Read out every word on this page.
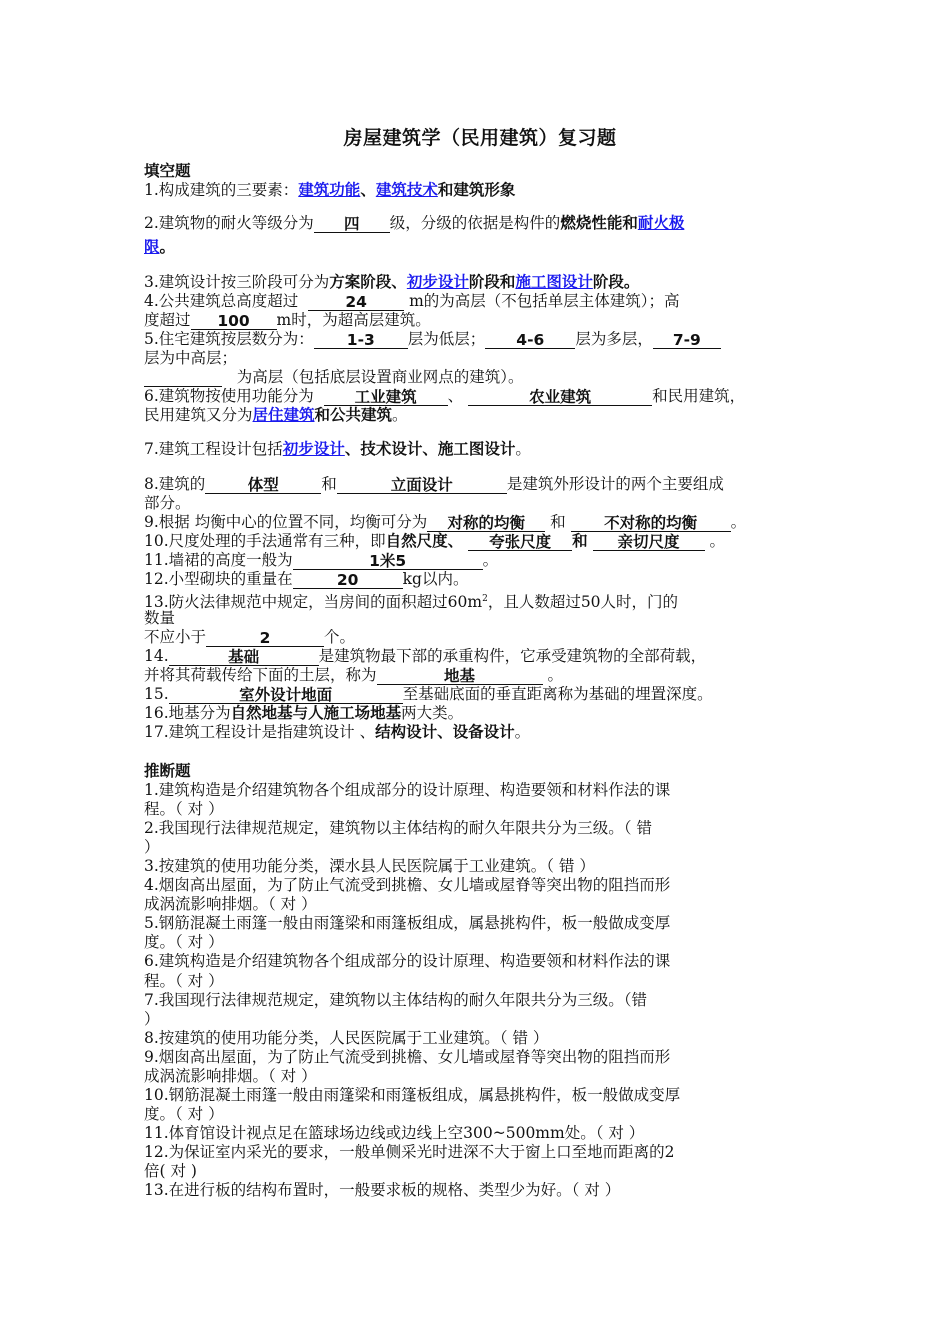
房屋建筑学（民用建筑）复习题
填空题
1.构成建筑的三要素：建筑功能、建筑技术和建筑形象
2.建筑物的耐火等级分为 四 级，分级的依据是构件的燃烧性能和耐火极
限。
3.建筑设计按三阶段可分为方案阶段、初步设计阶段和施工图设计阶段。
4.公共建筑总高度超过	24	m的为高层（不包括单层主体建筑）；高
度超过 100 m时，为超高层建筑。
5.住宅建筑按层数分为： 1-3 层为低层； 4-6 层为多层， 7-9
层为中高层；
为高层（包括底层设置商业网点的建筑）。
6.建筑物按使用功能分为	工业建筑 、	农业建筑	和民用建筑，
民用建筑又分为居住建筑和公共建筑。
7.建筑工程设计包括初步设计、技术设计、施工图设计。
8.建筑的	体型	和	立面设计	是建筑外形设计的两个主要组成
部分。
9.根据 均衡中心的位置不同，均衡可分为 对称的均衡 和 不对称的均衡 。
10.尺度处理的手法通常有三种，即自然尺度、 夸张尺度 和 亲切尺度 。
11.墙裙的高度一般为	1米5	。
12.小型砌块的重量在	20	kg以内。
13.防火法律规范中规定，当房间的面积超过$60m^2$，且人数超过50人时，门的
数量
不应小于	2	个。
14.	基础	是建筑物最下部的承重构件，它承受建筑物的全部荷载，
并将其荷载传给下面的土层，称为	地基	。
15.	室外设计地面	至基础底面的垂直距离称为基础的埋置深度。
16.地基分为自然地基与人施工场地基两大类。
17.建筑工程设计是指建筑设计 、结构设计、设备设计。
推断题
1.建筑构造是介绍建筑物各个组成部分的设计原理、构造要领和材料作法的课
程。（ 对 ）
2.我国现行法律规范规定，建筑物以主体结构的耐久年限共分为三级。（ 错
）
3.按建筑的使用功能分类，溧水县人民医院属于工业建筑。（ 错 ）
4.烟囱高出屋面，为了防止气流受到挑檐、女儿墙或屋脊等突出物的阻挡而形
成涡流影响排烟。（ 对 ）
5.钢筋混凝土雨篷一般由雨篷梁和雨篷板组成，属悬挑构件，板一般做成变厚
度。（ 对 ）
6.建筑构造是介绍建筑物各个组成部分的设计原理、构造要领和材料作法的课
程。（ 对 ）
7.我国现行法律规范规定，建筑物以主体结构的耐久年限共分为三级。（错
）
8.按建筑的使用功能分类，人民医院属于工业建筑。（ 错 ）
9.烟囱高出屋面，为了防止气流受到挑檐、女儿墙或屋脊等突出物的阻挡而形
成涡流影响排烟。（ 对 ）
10.钢筋混凝土雨篷一般由雨篷梁和雨篷板组成，属悬挑构件，板一般做成变厚
度。（ 对 ）
11.体育馆设计视点足在篮球场边线或边线上空300~500mm处。（ 对 ）
12.为保证室内采光的要求，一般单侧采光时进深不大于窗上口至地而距离的2
倍( 对 )
13.在进行板的结构布置时，一般要求板的规格、类型少为好。（ 对 ）
